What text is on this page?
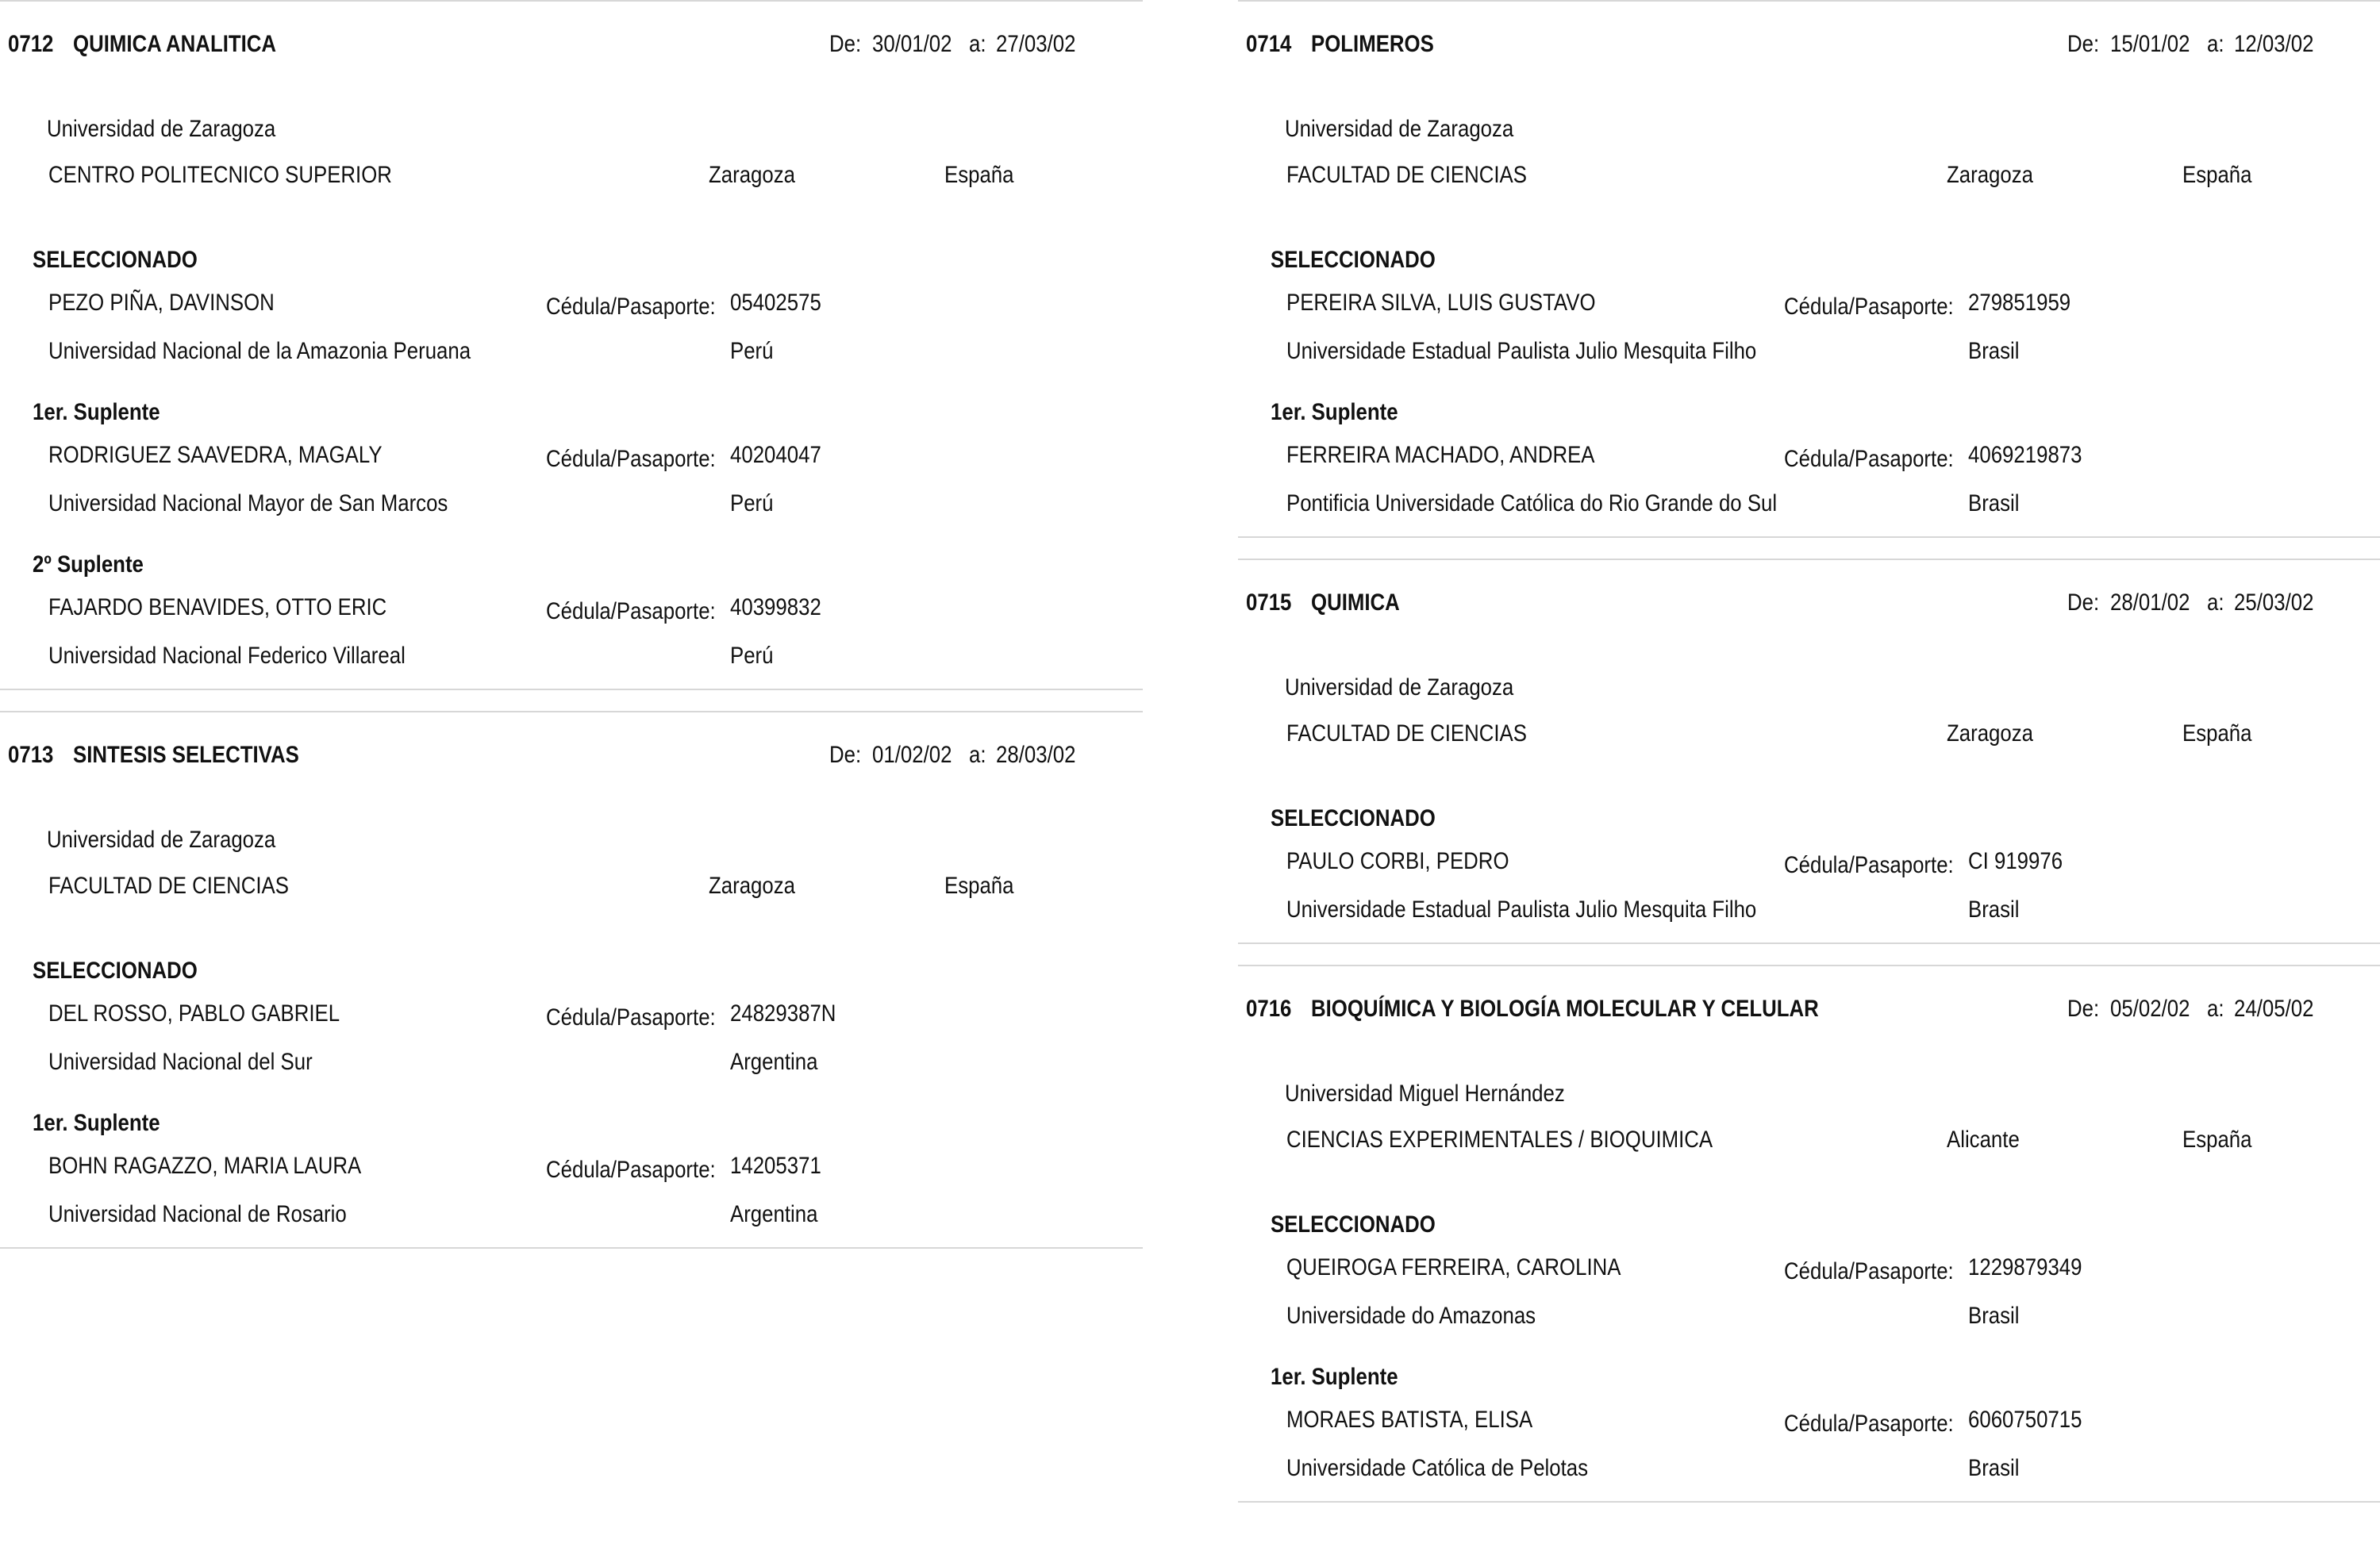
0712 QUIMICA ANALITICA	De: 30/01/02 a: 27/03/02
Universidad de Zaragoza
CENTRO POLITECNICO SUPERIOR	Zaragoza	España
SELECCIONADO
PEZO PIÑA, DAVINSON	Cédula/Pasaporte: 05402575
Universidad Nacional de la Amazonia Peruana	Perú
1er. Suplente
RODRIGUEZ SAAVEDRA, MAGALY	Cédula/Pasaporte: 40204047
Universidad Nacional Mayor de San Marcos	Perú
2º Suplente
FAJARDO BENAVIDES, OTTO ERIC	Cédula/Pasaporte: 40399832
Universidad Nacional Federico Villareal	Perú
0713 SINTESIS SELECTIVAS	De: 01/02/02 a: 28/03/02
Universidad de Zaragoza
FACULTAD DE CIENCIAS	Zaragoza	España
SELECCIONADO
DEL ROSSO, PABLO GABRIEL	Cédula/Pasaporte: 24829387N
Universidad Nacional del Sur	Argentina
1er. Suplente
BOHN RAGAZZO, MARIA LAURA	Cédula/Pasaporte: 14205371
Universidad Nacional de Rosario	Argentina
0714 POLIMEROS	De: 15/01/02 a: 12/03/02
Universidad de Zaragoza
FACULTAD DE CIENCIAS	Zaragoza	España
SELECCIONADO
PEREIRA SILVA, LUIS GUSTAVO	Cédula/Pasaporte: 279851959
Universidade Estadual Paulista Julio Mesquita Filho	Brasil
1er. Suplente
FERREIRA MACHADO, ANDREA	Cédula/Pasaporte: 4069219873
Pontificia Universidade Católica do Rio Grande do Sul	Brasil
0715 QUIMICA	De: 28/01/02 a: 25/03/02
Universidad de Zaragoza
FACULTAD DE CIENCIAS	Zaragoza	España
SELECCIONADO
PAULO CORBI, PEDRO	Cédula/Pasaporte: CI 919976
Universidade Estadual Paulista Julio Mesquita Filho	Brasil
0716 BIOQUÍMICA Y BIOLOGÍA MOLECULAR Y CELULAR	De: 05/02/02 a: 24/05/02
Universidad Miguel Hernández
CIENCIAS EXPERIMENTALES / BIOQUIMICA	Alicante	España
SELECCIONADO
QUEIROGA FERREIRA, CAROLINA	Cédula/Pasaporte: 1229879349
Universidade do Amazonas	Brasil
1er. Suplente
MORAES BATISTA, ELISA	Cédula/Pasaporte: 6060750715
Universidade Católica de Pelotas	Brasil
